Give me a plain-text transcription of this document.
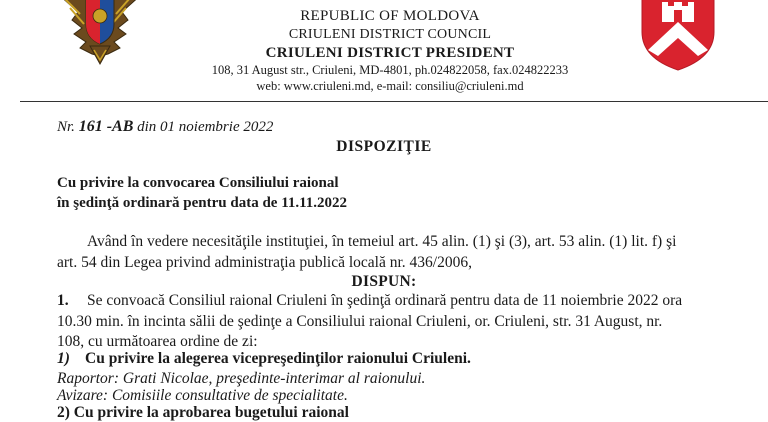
REPUBLIC OF MOLDOVA
CRIULENI DISTRICT COUNCIL
CRIULENI DISTRICT PRESIDENT
108, 31 August str., Criuleni, MD-4801, ph.024822058, fax.024822233
web: www.criuleni.md, e-mail: consiliu@criuleni.md
Nr. 161 -AB din 01 noiembrie 2022
DISPOZIŢIE
Cu privire la convocarea Consiliului raional
în şedinţă ordinară pentru data de 11.11.2022
Având în vedere necesităţile instituţiei, în temeiul art. 45 alin. (1) şi (3), art. 53 alin. (1) lit. f) şi
art. 54 din Legea privind administraţia publică locală nr. 436/2006,
DISPUN:
1. Se convoacă Consiliul raional Criuleni în şedinţă ordinară pentru data de 11 noiembrie 2022 ora
10.30 min. în incinta sălii de şedinţe a Consiliului raional Criuleni, or. Criuleni, str. 31 August, nr.
108, cu următoarea ordine de zi:
1) Cu privire la alegerea vicepreşedinţilor raionului Criuleni.
Raportor: Grati Nicolae, preşedinte-interimar al raionului.
Avizare: Comisiile consultative de specialitate.
2) Cu privire la aprobarea bugetului raional
